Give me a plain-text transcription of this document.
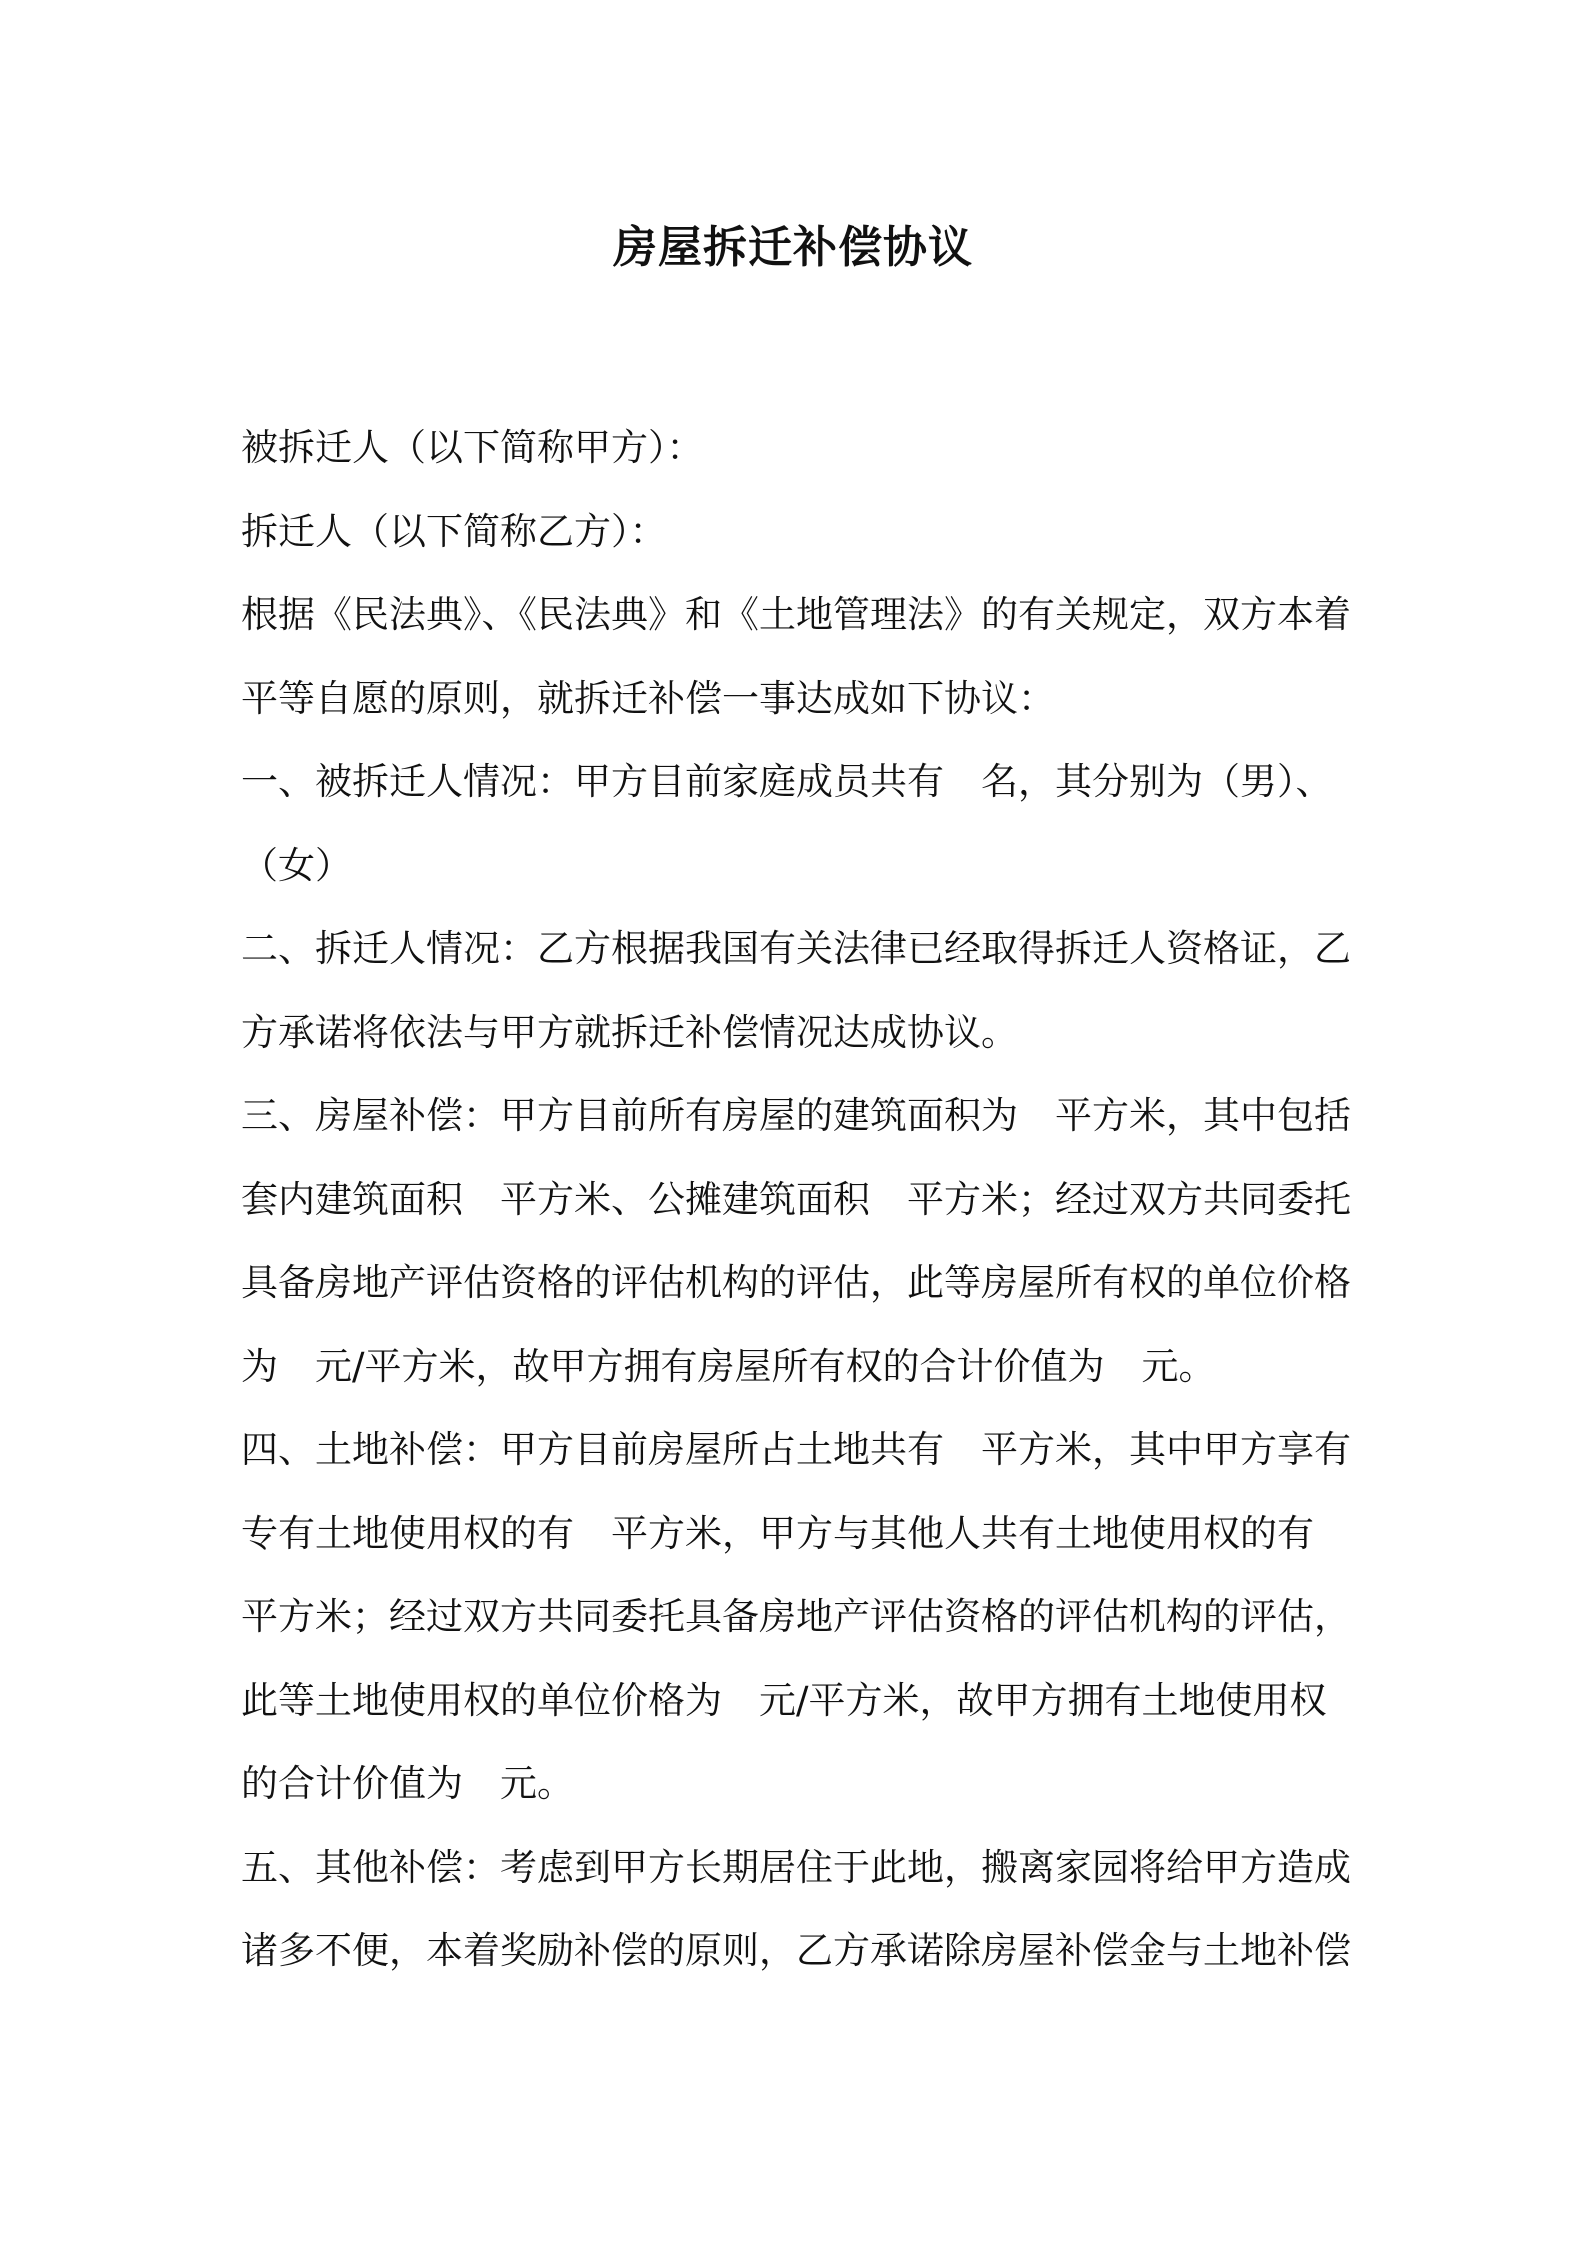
房屋拆迁补偿协议
被拆迁人（以下简称甲方）：
拆迁人（以下简称乙方）：
根据《民法典》、《民法典》和《土地管理法》的有关规定，双方本着
平等自愿的原则，就拆迁补偿一事达成如下协议：
一、被拆迁人情况：甲方目前家庭成员共有　名，其分别为（男）、
（女）
二、拆迁人情况：乙方根据我国有关法律已经取得拆迁人资格证，乙
方承诺将依法与甲方就拆迁补偿情况达成协议。
三、房屋补偿：甲方目前所有房屋的建筑面积为　平方米，其中包括
套内建筑面积　平方米、公摊建筑面积　平方米；经过双方共同委托
具备房地产评估资格的评估机构的评估，此等房屋所有权的单位价格
为　元/平方米，故甲方拥有房屋所有权的合计价值为　元。
四、土地补偿：甲方目前房屋所占土地共有　平方米，其中甲方享有
专有土地使用权的有　平方米，甲方与其他人共有土地使用权的有
平方米；经过双方共同委托具备房地产评估资格的评估机构的评估，
此等土地使用权的单位价格为　元/平方米，故甲方拥有土地使用权
的合计价值为　元。
五、其他补偿：考虑到甲方长期居住于此地，搬离家园将给甲方造成
诸多不便，本着奖励补偿的原则，乙方承诺除房屋补偿金与土地补偿
